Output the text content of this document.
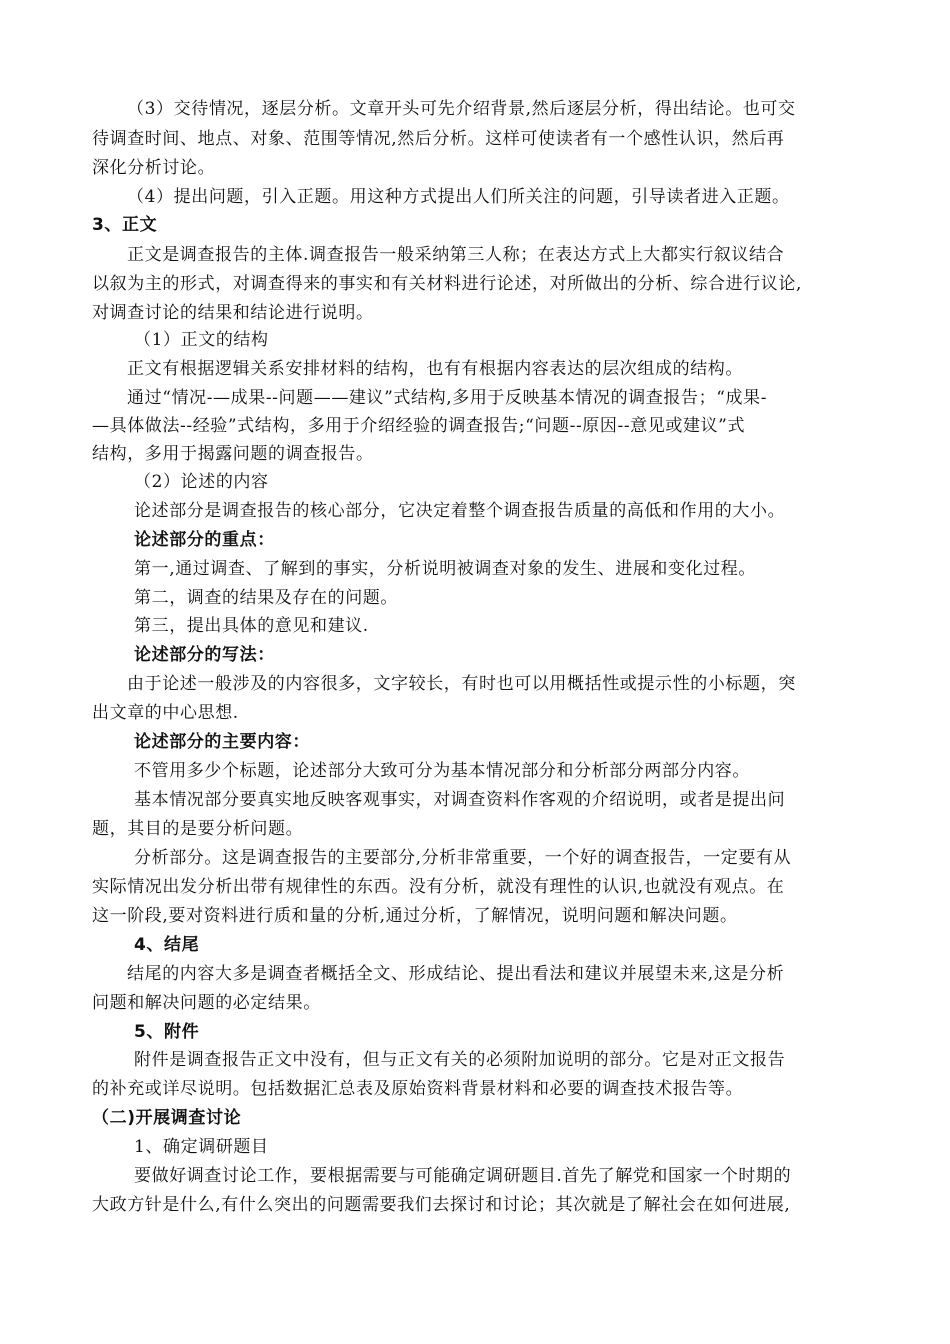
（3）交待情况，逐层分析。文章开头可先介绍背景,然后逐层分析，得出结论。也可交
待调查时间、地点、对象、范围等情况,然后分析。这样可使读者有一个感性认识，然后再
深化分析讨论。
（4）提出问题，引入正题。用这种方式提出人们所关注的问题，引导读者进入正题。
3、正文
正文是调查报告的主体.调查报告一般采纳第三人称；在表达方式上大都实行叙议结合
以叙为主的形式，对调查得来的事实和有关材料进行论述，对所做出的分析、综合进行议论,
对调查讨论的结果和结论进行说明。
（1）正文的结构
正文有根据逻辑关系安排材料的结构，也有有根据内容表达的层次组成的结构。
通过“情况-—成果--问题——建议”式结构,多用于反映基本情况的调查报告；“成果-
—具体做法--经验”式结构，多用于介绍经验的调查报告;“问题--原因--意见或建议”式
结构，多用于揭露问题的调查报告。
（2）论述的内容
论述部分是调查报告的核心部分，它决定着整个调查报告质量的高低和作用的大小。
论述部分的重点：
第一,通过调查、了解到的事实，分析说明被调查对象的发生、进展和变化过程。
第二，调查的结果及存在的问题。
第三，提出具体的意见和建议.
论述部分的写法：
由于论述一般涉及的内容很多，文字较长，有时也可以用概括性或提示性的小标题，突
出文章的中心思想.
论述部分的主要内容：
不管用多少个标题，论述部分大致可分为基本情况部分和分析部分两部分内容。
基本情况部分要真实地反映客观事实，对调查资料作客观的介绍说明，或者是提出问
题，其目的是要分析问题。
分析部分。这是调查报告的主要部分,分析非常重要，一个好的调查报告，一定要有从
实际情况出发分析出带有规律性的东西。没有分析，就没有理性的认识,也就没有观点。在
这一阶段,要对资料进行质和量的分析,通过分析，了解情况，说明问题和解决问题。
4、结尾
结尾的内容大多是调查者概括全文、形成结论、提出看法和建议并展望未来,这是分析
问题和解决问题的必定结果。
5、附件
附件是调查报告正文中没有，但与正文有关的必须附加说明的部分。它是对正文报告
的补充或详尽说明。包括数据汇总表及原始资料背景材料和必要的调查技术报告等。
（二)开展调查讨论
1、确定调研题目
要做好调查讨论工作，要根据需要与可能确定调研题目.首先了解党和国家一个时期的
大政方针是什么,有什么突出的问题需要我们去探讨和讨论；其次就是了解社会在如何进展,
